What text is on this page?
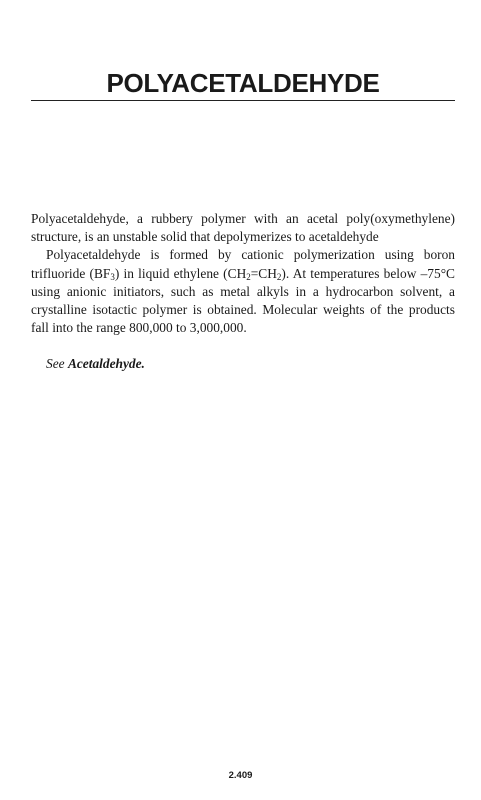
POLYACETALDEHYDE

Polyacetaldehyde, a rubbery polymer with an acetal poly(oxymethylene) structure, is an unstable solid that depolymerizes to acetaldehyde

Polyacetaldehyde is formed by cationic polymerization using boron trifluoride $(BF_3)$ in liquid ethylene $(CH_2=CH_2)$. At temperatures below –75°C using anionic initiators, such as metal alkyls in a hydrocarbon solvent, a crystalline isotactic polymer is obtained. Molecular weights of the products fall into the range 800,000 to 3,000,000.

See Acetaldehyde.

2.409
